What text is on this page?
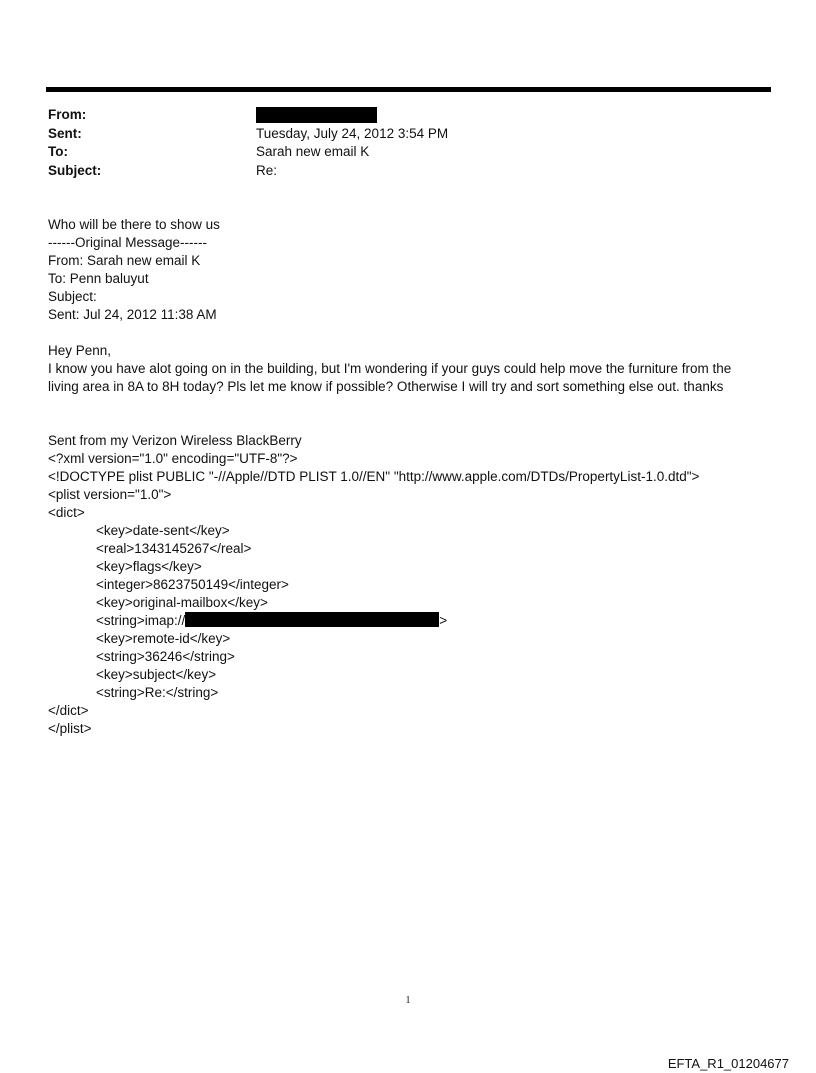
From:
Sent:	Tuesday, July 24, 2012 3:54 PM
To:	Sarah new email K
Subject:	Re:
Who will be there to show us
------Original Message------
From: Sarah new email K
To: Penn baluyut
Subject:
Sent: Jul 24, 2012 11:38 AM
Hey Penn,
I know you have alot going on in the building, but I'm wondering if your guys could help move the furniture from the
living area in 8A to 8H today? Pls let me know if possible? Otherwise I will try and sort something else out. thanks
Sent from my Verizon Wireless BlackBerry
<?xml version="1.0" encoding="UTF-8"?>
<!DOCTYPE plist PUBLIC "-//Apple//DTD PLIST 1.0//EN" "http://www.apple.com/DTDs/PropertyList-1.0.dtd">
<plist version="1.0">
<dict>
<key>date-sent</key>
<real>1343145267</real>
<key>flags</key>
<integer>8623750149</integer>
<key>original-mailbox</key>
<string>imap://	>
<key>remote-id</key>
<string>36246</string>
<key>subject</key>
<string>Re:</string>
</dict>
</plist>
1
EFTA_R1_01204677
